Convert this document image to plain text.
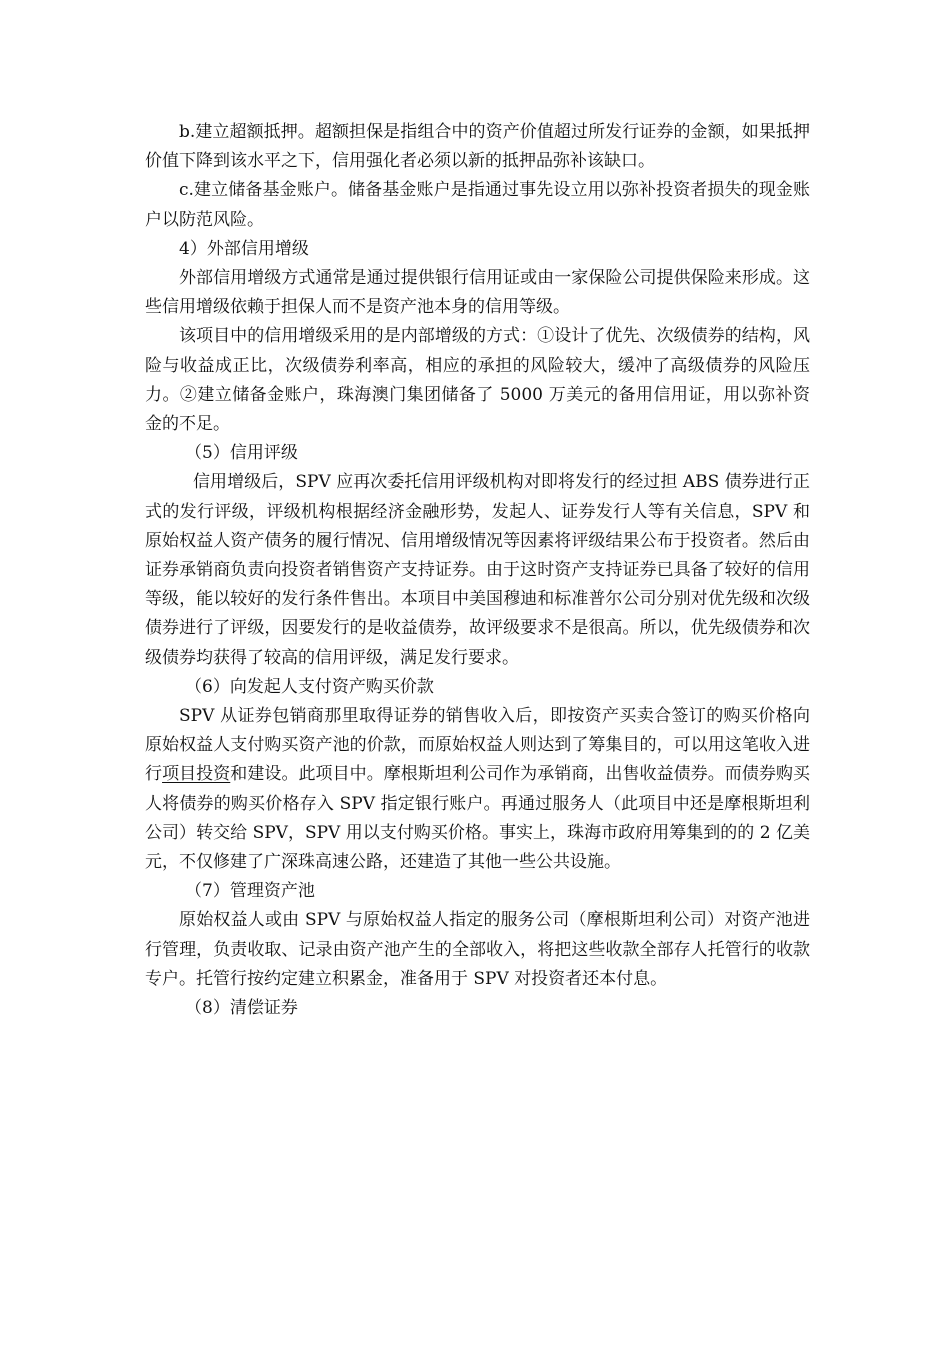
b.建立超额抵押。超额担保是指组合中的资产价值超过所发行证券的金额，如果抵押价值下降到该水平之下，信用强化者必须以新的抵押品弥补该缺口。

c.建立储备基金账户。储备基金账户是指通过事先设立用以弥补投资者损失的现金账户以防范风险。

4）外部信用增级

外部信用增级方式通常是通过提供银行信用证或由一家保险公司提供保险来形成。这些信用增级依赖于担保人而不是资产池本身的信用等级。

该项目中的信用增级采用的是内部增级的方式：①设计了优先、次级债券的结构，风险与收益成正比，次级债券利率高，相应的承担的风险较大，缓冲了高级债券的风险压力。②建立储备金账户，珠海澳门集团储备了 5000 万美元的备用信用证，用以弥补资金的不足。

（5）信用评级

信用增级后，SPV 应再次委托信用评级机构对即将发行的经过担 ABS 债券进行正式的发行评级，评级机构根据经济金融形势，发起人、证券发行人等有关信息，SPV 和原始权益人资产债务的履行情况、信用增级情况等因素将评级结果公布于投资者。然后由证券承销商负责向投资者销售资产支持证券。由于这时资产支持证券已具备了较好的信用等级，能以较好的发行条件售出。本项目中美国穆迪和标准普尔公司分别对优先级和次级债券进行了评级，因要发行的是收益债券，故评级要求不是很高。所以，优先级债券和次级债券均获得了较高的信用评级，满足发行要求。

（6）向发起人支付资产购买价款

SPV 从证券包销商那里取得证券的销售收入后，即按资产买卖合签订的购买价格向原始权益人支付购买资产池的价款，而原始权益人则达到了筹集目的，可以用这笔收入进行项目投资和建设。此项目中。摩根斯坦利公司作为承销商，出售收益债券。而债券购买人将债券的购买价格存入 SPV 指定银行账户。再通过服务人（此项目中还是摩根斯坦利公司）转交给 SPV，SPV 用以支付购买价格。事实上，珠海市政府用筹集到的的 2 亿美元，不仅修建了广深珠高速公路，还建造了其他一些公共设施。

（7）管理资产池

原始权益人或由 SPV 与原始权益人指定的服务公司（摩根斯坦利公司）对资产池进行管理，负责收取、记录由资产池产生的全部收入，将把这些收款全部存人托管行的收款专户。托管行按约定建立积累金，准备用于 SPV 对投资者还本付息。

（8）清偿证券
